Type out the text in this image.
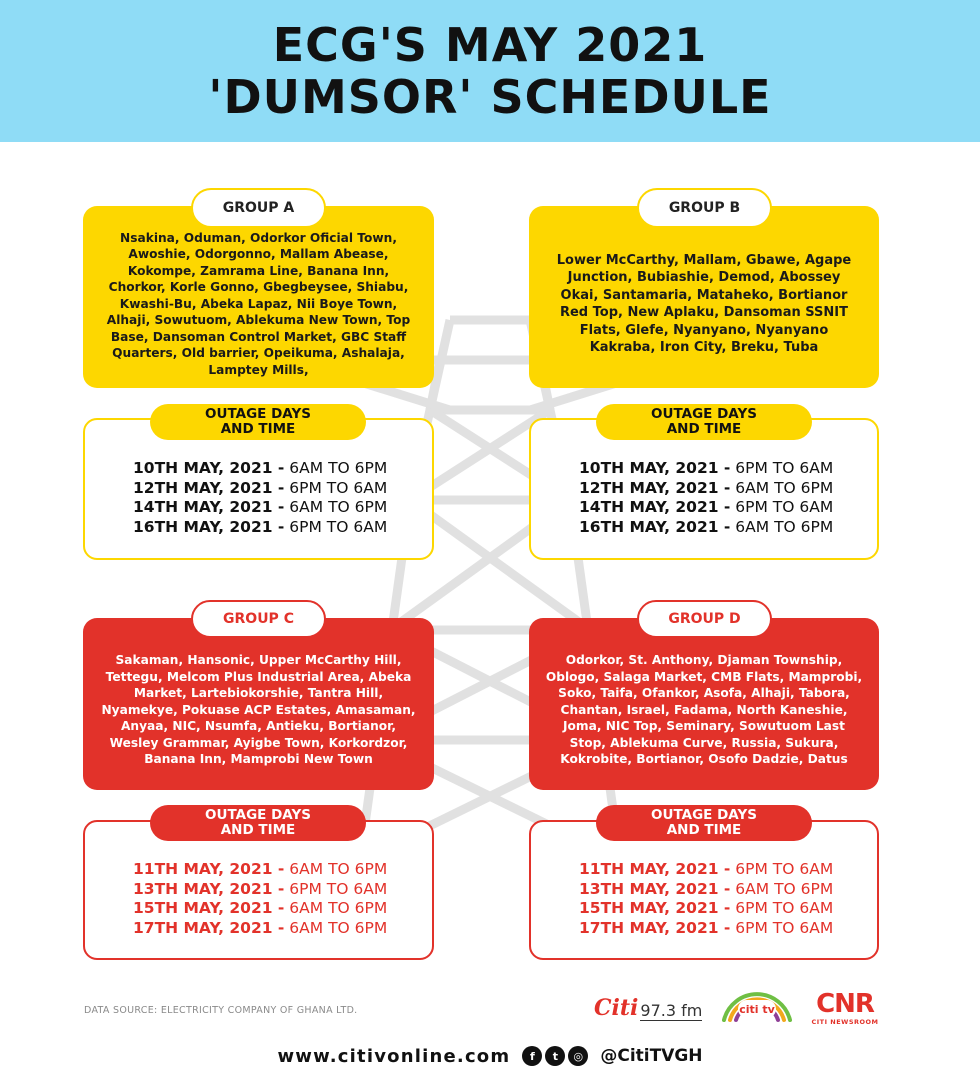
ECG'S MAY 2021
'DUMSOR' SCHEDULE
Nsakina, Oduman, Odorkor Oficial Town, Awoshie, Odorgonno, Mallam Abease, Kokompe, Zamrama Line, Banana Inn, Chorkor, Korle Gonno, Gbegbeysee, Shiabu, Kwashi-Bu, Abeka Lapaz, Nii Boye Town, Alhaji, Sowutuom, Ablekuma New Town, Top Base, Dansoman Control Market, GBC Staff Quarters, Old barrier, Opeikuma, Ashalaja, Lamptey Mills,
GROUP A
10TH MAY, 2021 - 6AM TO 6PM
12TH MAY, 2021 - 6PM TO 6AM
14TH MAY, 2021 - 6AM TO 6PM
16TH MAY, 2021 - 6PM TO 6AM
OUTAGE DAYS
AND TIME
Lower McCarthy, Mallam, Gbawe, Agape Junction, Bubiashie, Demod, Abossey Okai, Santamaria, Mataheko, Bortianor Red Top, New Aplaku, Dansoman SSNIT Flats, Glefe, Nyanyano, Nyanyano Kakraba, Iron City, Breku, Tuba
GROUP B
10TH MAY, 2021 - 6PM TO 6AM
12TH MAY, 2021 - 6AM TO 6PM
14TH MAY, 2021 - 6PM TO 6AM
16TH MAY, 2021 - 6AM TO 6PM
OUTAGE DAYS
AND TIME
Sakaman, Hansonic, Upper McCarthy Hill, Tettegu, Melcom Plus Industrial Area, Abeka Market, Lartebiokorshie, Tantra Hill, Nyamekye, Pokuase ACP Estates, Amasaman, Anyaa, NIC, Nsumfa, Antieku, Bortianor, Wesley Grammar, Ayigbe Town, Korkordzor, Banana Inn, Mamprobi New Town
GROUP C
11TH MAY, 2021 - 6AM TO 6PM
13TH MAY, 2021 - 6PM TO 6AM
15TH MAY, 2021 - 6AM TO 6PM
17TH MAY, 2021 - 6AM TO 6PM
OUTAGE DAYS
AND TIME
Odorkor, St. Anthony, Djaman Township, Oblogo, Salaga Market, CMB Flats, Mamprobi, Soko, Taifa, Ofankor, Asofa, Alhaji, Tabora, Chantan, Israel, Fadama, North Kaneshie, Joma, NIC Top, Seminary, Sowutuom Last Stop, Ablekuma Curve, Russia, Sukura, Kokrobite, Bortianor, Osofo Dadzie, Datus
GROUP D
11TH MAY, 2021 - 6PM TO 6AM
13TH MAY, 2021 - 6AM TO 6PM
15TH MAY, 2021 - 6PM TO 6AM
17TH MAY, 2021 - 6PM TO 6AM
OUTAGE DAYS
AND TIME
DATA SOURCE: ELECTRICITY COMPANY OF GHANA LTD.	Citi 97.3 fm	citi tv CNR
CITI NEWSROOM
www.citivonline.com	f	t	◎	@CitiTVGH
